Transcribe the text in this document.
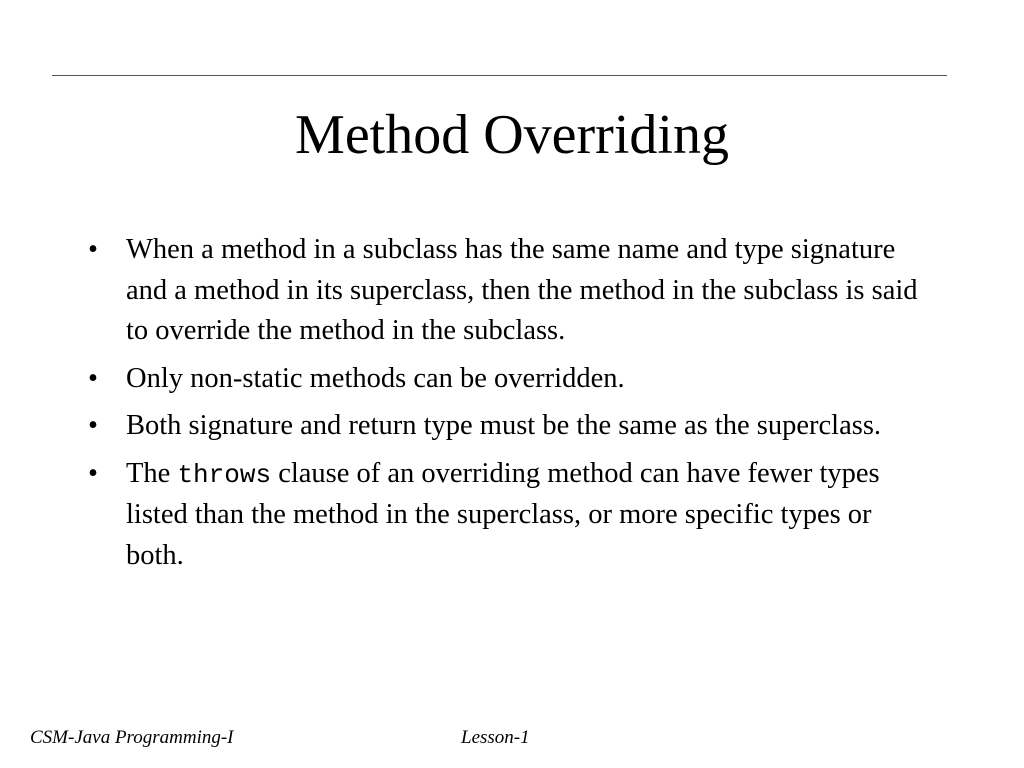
Method Overriding
• When a method in a subclass has the same name and type signature and a method in its superclass, then the method in the subclass is said to override the method in the subclass.
• Only non-static methods can be overridden.
• Both signature and return type must be the same as the superclass.
• The throws clause of an overriding method can have fewer types listed than the method in the superclass, or more specific types or both.
CSM-Java Programming-I	Lesson-1
